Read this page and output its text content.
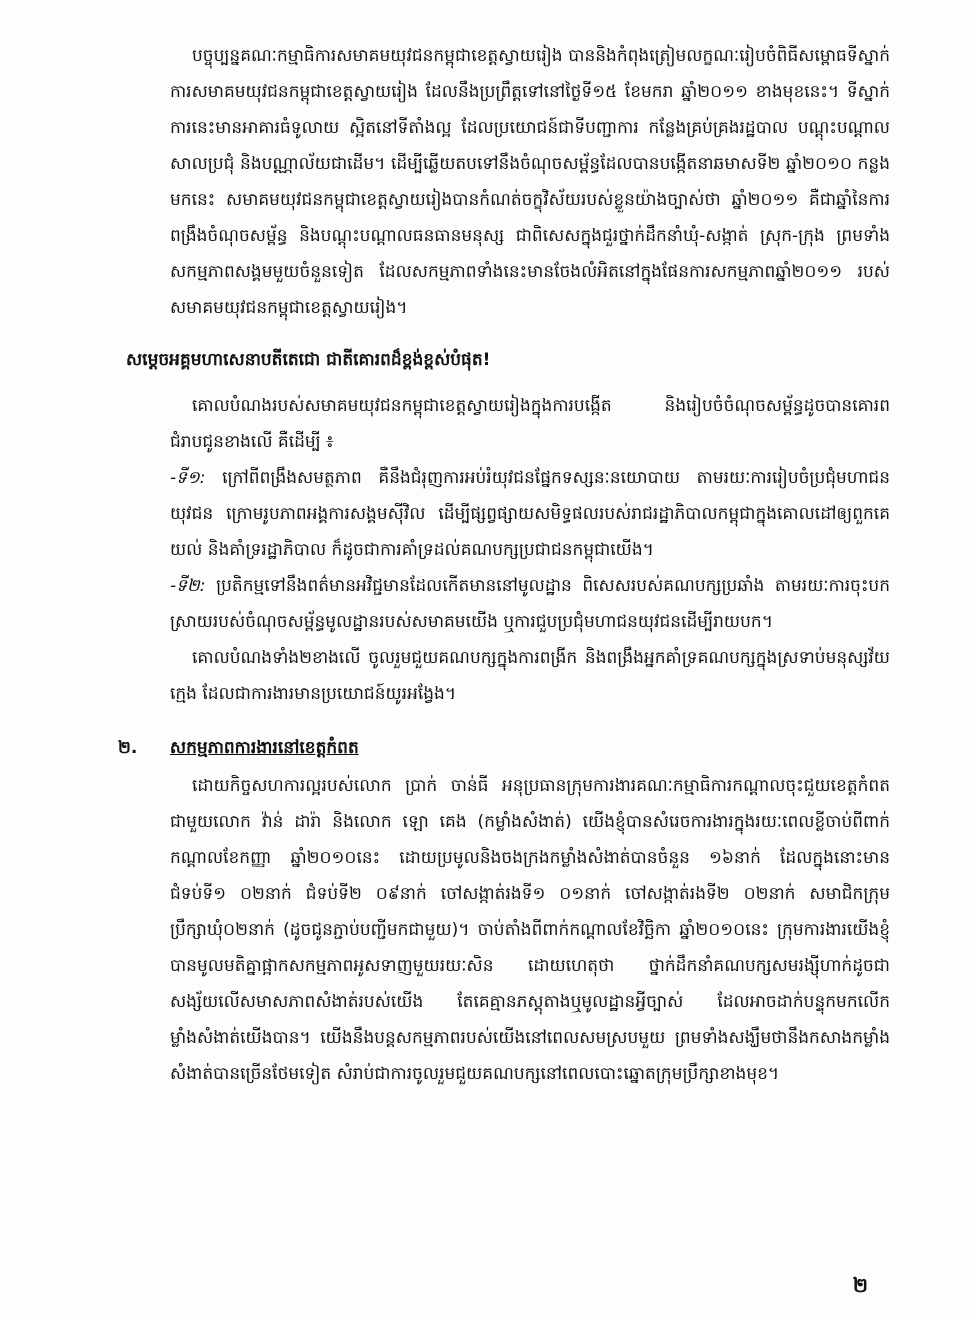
បច្ចុប្បន្នគណៈកម្មាធិការសមាគមយុវជនកម្ពុជាខេត្តស្វាយរៀង បាននិងកំពុងត្រៀមលក្ខណៈរៀបចំពិធីសម្ពោធទីស្នាក់ការសមាគមយុវជនកម្ពុជាខេត្តស្វាយរៀង ដែលនឹងប្រព្រឹត្តទៅនៅថ្ងៃទី១៥ ខែមករា ឆ្នាំ២០១១ ខាងមុខនេះ។ ទីស្នាក់ការនេះមានអាគារធំទូលាយ ស្អិតនៅទីតាំងល្អ ដែលប្រយោជន៍ជាទីបញ្ជាការ កន្លែងគ្រប់គ្រងរដ្ឋបាល បណ្តុះបណ្តាល សាលប្រជុំ និងបណ្ណាល័យជាដើម។ ដើម្បីឆ្លើយតបទៅនឹងចំណុចសម្ព័ន្ធដែលបានបង្កើតនាឆមាសទី២ ឆ្នាំ២០១០ កន្លងមកនេះ សមាគមយុវជនកម្ពុជាខេត្តស្វាយរៀងបានកំណត់ចក្ខុវិស័យរបស់ខ្លួនយ៉ាងច្បាស់ថា ឆ្នាំ២០១១ គឺជាឆ្នាំនៃការពង្រឹងចំណុចសម្ព័ន្ធ និងបណ្តុះបណ្តាលធនធានមនុស្ស ជាពិសេសក្នុងជួរថ្នាក់ដឹកនាំឃុំ-សង្កាត់ ស្រុក-ក្រុង ព្រមទាំងសកម្មភាពសង្គមមួយចំនួនទៀត ដែលសកម្មភាពទាំងនេះមានចែងលំអិតនៅក្នុងផែនការសកម្មភាពឆ្នាំ២០១១ របស់សមាគមយុវជនកម្ពុជាខេត្តស្វាយរៀង។

សម្តេចអគ្គមហាសេនាបតីតេជោ ជាតីគោរពដ៏ខ្ពង់ខ្ពស់បំផុត!

គោលបំណងរបស់សមាគមយុវជនកម្ពុជាខេត្តស្វាយរៀងក្នុងការបង្កើត និងរៀបចំចំណុចសម្ព័ន្ធដូចបានគោរពជំរាបជូនខាងលើ គឺដើម្បី ៖

-ទី១: ក្រៅពីពង្រឹងសមត្ថភាព គឺនឹងជំរុញការអប់រំយុវជនផ្នែកទស្សនៈនយោបាយ តាមរយៈការរៀបចំប្រជុំមហាជនយុវជន ក្រោមរូបភាពអង្គការសង្គមស៊ីវិល ដើម្បីផ្សព្វផ្សាយសមិទ្ធផលរបស់រាជរដ្ឋាភិបាលកម្ពុជាក្នុងគោលដៅឲ្យពួកគេយល់ និងគាំទ្ររដ្ឋាភិបាល ក៏ដូចជាការគាំទ្រដល់គណបក្សប្រជាជនកម្ពុជាយើង។

-ទី២: ប្រតិកម្មទៅនឹងពត៌មានអវិជ្ជមានដែលកើតមាននៅមូលដ្ឋាន ពិសេសរបស់គណបក្សប្រឆាំង តាមរយៈការចុះបកស្រាយរបស់ចំណុចសម្ព័ន្ធមូលដ្ឋានរបស់សមាគមយើង ឬការជួបប្រជុំមហាជនយុវជនដើម្បីរាយបក។

គោលបំណងទាំង២ខាងលើ ចូលរួមជួយគណបក្សក្នុងការពង្រីក និងពង្រឹងអ្នកគាំទ្រគណបក្សក្នុងស្រទាប់មនុស្សវ័យក្មេង ដែលជាការងារមានប្រយោជន៍យូរអង្វែង។

២. សកម្មភាពការងារនៅខេត្តកំពត

ដោយកិច្ចសហការល្អរបស់លោក ប្រាក់ ចាន់ធី អនុប្រធានក្រុមការងារគណៈកម្មាធិការកណ្តាលចុះជួយខេត្តកំពត ជាមួយលោក វ៉ាន់ ដារ៉ា និងលោក ឡោ គេង (កម្លាំងសំងាត់) យើងខ្ញុំបានសំរេចការងារក្នុងរយៈពេលខ្លីចាប់ពីពាក់កណ្តាលខែកញ្ញា ឆ្នាំ២០១០នេះ ដោយប្រមូលនិងចងក្រងកម្លាំងសំងាត់បានចំនួន ១៦នាក់ ដែលក្នុងនោះមានជំទប់ទី១ ០២នាក់ ជំទប់ទី២ ០៩នាក់ ចៅសង្កាត់រងទី១ ០១នាក់ ចៅសង្កាត់រងទី២ ០២នាក់ សមាជិកក្រុមប្រឹក្សាឃុំ០២នាក់ (ដូចជូនភ្ជាប់បញ្ជីមកជាមួយ)។ ចាប់តាំងពីពាក់កណ្តាលខែវិច្ឆិកា ឆ្នាំ២០១០នេះ ក្រុមការងារយើងខ្ញុំបានមូលមតិគ្នាផ្អាកសកម្មភាពអូសទាញមួយរយៈសិន ដោយហេតុថា ថ្នាក់ដឹកនាំគណបក្សសមរង្ស៊ីហាក់ដូចជាសង្ស័យលើសមាសភាពសំងាត់របស់យើង តែគេគ្មានភស្តុតាងឬមូលដ្ឋានអ្វីច្បាស់ ដែលអាចដាក់បន្ទុកមកលើកម្លាំងសំងាត់យើងបាន។ យើងនឹងបន្តសកម្មភាពរបស់យើងនៅពេលសមស្របមួយ ព្រមទាំងសង្ឃឹមថានឹងកសាងកម្លាំងសំងាត់បានច្រើនថែមទៀត សំរាប់ជាការចូលរួមជួយគណបក្សនៅពេលបោះឆ្នោតក្រុមប្រឹក្សាខាងមុខ។

២
